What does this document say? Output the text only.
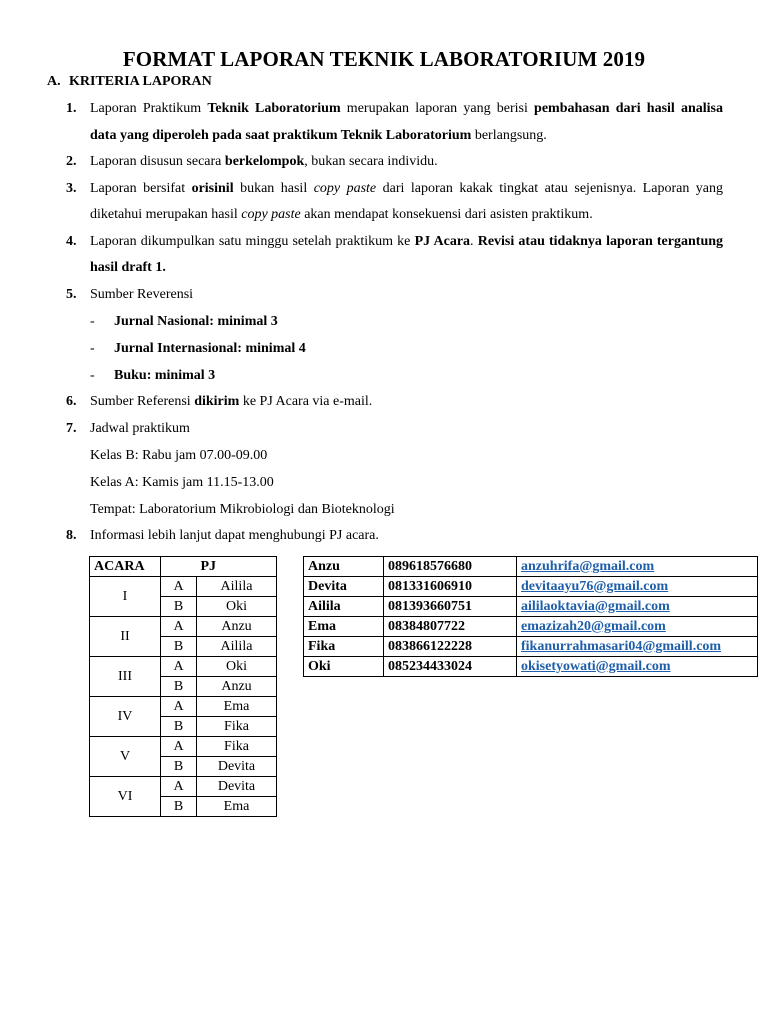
FORMAT LAPORAN TEKNIK LABORATORIUM 2019
A. KRITERIA LAPORAN
1. Laporan Praktikum Teknik Laboratorium merupakan laporan yang berisi pembahasan dari hasil analisa data yang diperoleh pada saat praktikum Teknik Laboratorium berlangsung.
2. Laporan disusun secara berkelompok, bukan secara individu.
3. Laporan bersifat orisinil bukan hasil copy paste dari laporan kakak tingkat atau sejenisnya. Laporan yang diketahui merupakan hasil copy paste akan mendapat konsekuensi dari asisten praktikum.
4. Laporan dikumpulkan satu minggu setelah praktikum ke PJ Acara. Revisi atau tidaknya laporan tergantung hasil draft 1.
5. Sumber Reverensi
- Jurnal Nasional: minimal 3
- Jurnal Internasional: minimal 4
- Buku: minimal 3
6. Sumber Referensi dikirim ke PJ Acara via e-mail.
7. Jadwal praktikum
Kelas B: Rabu jam 07.00-09.00
Kelas A: Kamis jam 11.15-13.00
Tempat: Laboratorium Mikrobiologi dan Bioteknologi
8. Informasi lebih lanjut dapat menghubungi PJ acara.
ACARA		PJ
I	A	Ailila
	B	Oki
II	A	Anzu
	B	Ailila
III	A	Oki
	B	Anzu
IV	A	Ema
	B	Fika
V	A	Fika
	B	Devita
VI	A	Devita
	B	Ema
Anzu	089618576680	anzuhrifa@gmail.com
Devita	081331606910	devitaayu76@gmail.com
Ailila	081393660751	aililaoktavia@gmail.com
Ema	08384807722	emazizah20@gmail.com
Fika	083866122228	fikanurrahmasari04@gmaill.com
Oki	085234433024	okisetyowati@gmail.com
